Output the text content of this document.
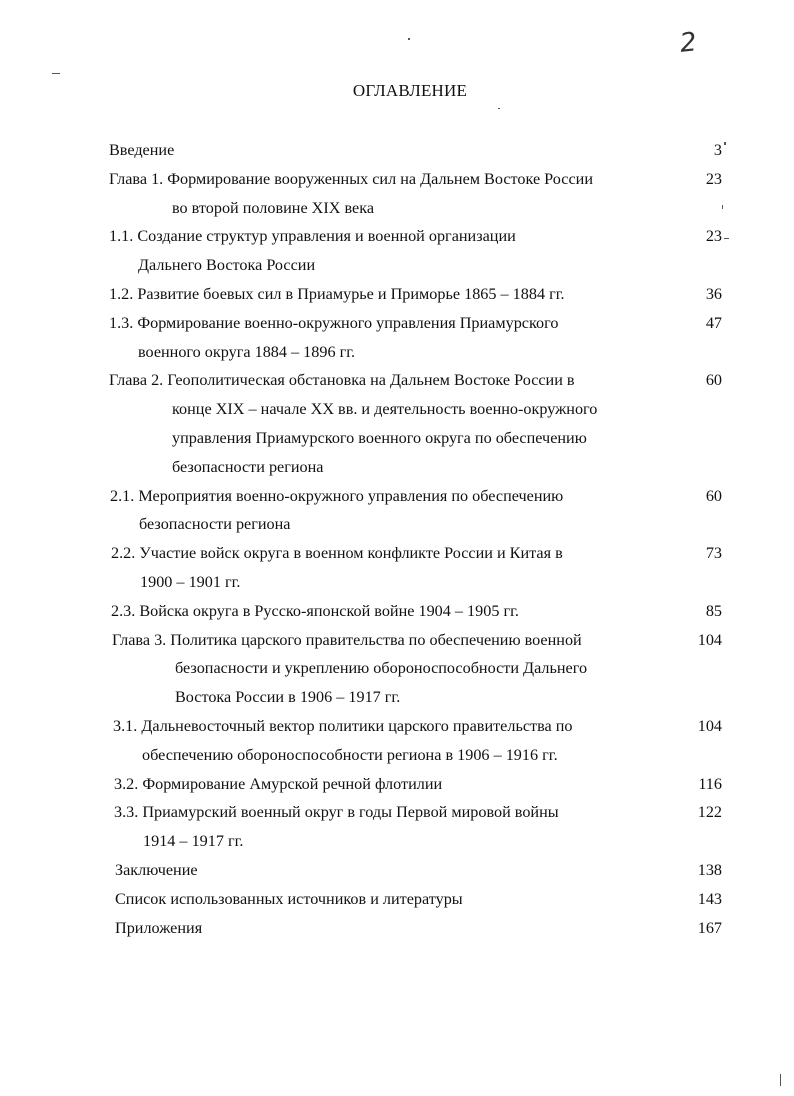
2
ОГЛАВЛЕНИЕ
Введение	3
Глава 1. Формирование вооруженных сил на Дальнем Востоке России	23
во второй половине XIX века
1.1. Создание структур управления и военной организации	23
Дальнего Востока России
1.2. Развитие боевых сил в Приамурье и Приморье 1865 – 1884 гг.	36
1.3. Формирование военно-окружного управления Приамурского	47
военного округа 1884 – 1896 гг.
Глава 2. Геополитическая обстановка на Дальнем Востоке России в	60
конце XIX – начале XX вв. и деятельность военно-окружного
управления Приамурского военного округа по обеспечению
безопасности региона
2.1. Мероприятия военно-окружного управления по обеспечению	60
безопасности региона
2.2. Участие войск округа в военном конфликте России и Китая в	73
1900 – 1901 гг.
2.3. Войска округа в Русско-японской войне 1904 – 1905 гг.	85
Глава 3. Политика царского правительства по обеспечению военной	104
безопасности и укреплению обороноспособности Дальнего
Востока России в 1906 – 1917 гг.
3.1. Дальневосточный вектор политики царского правительства по	104
обеспечению обороноспособности региона в 1906 – 1916 гг.
3.2. Формирование Амурской речной флотилии	116
3.3. Приамурский военный округ в годы Первой мировой войны	122
1914 – 1917 гг.
Заключение	138
Список использованных источников и литературы	143
Приложения	167
